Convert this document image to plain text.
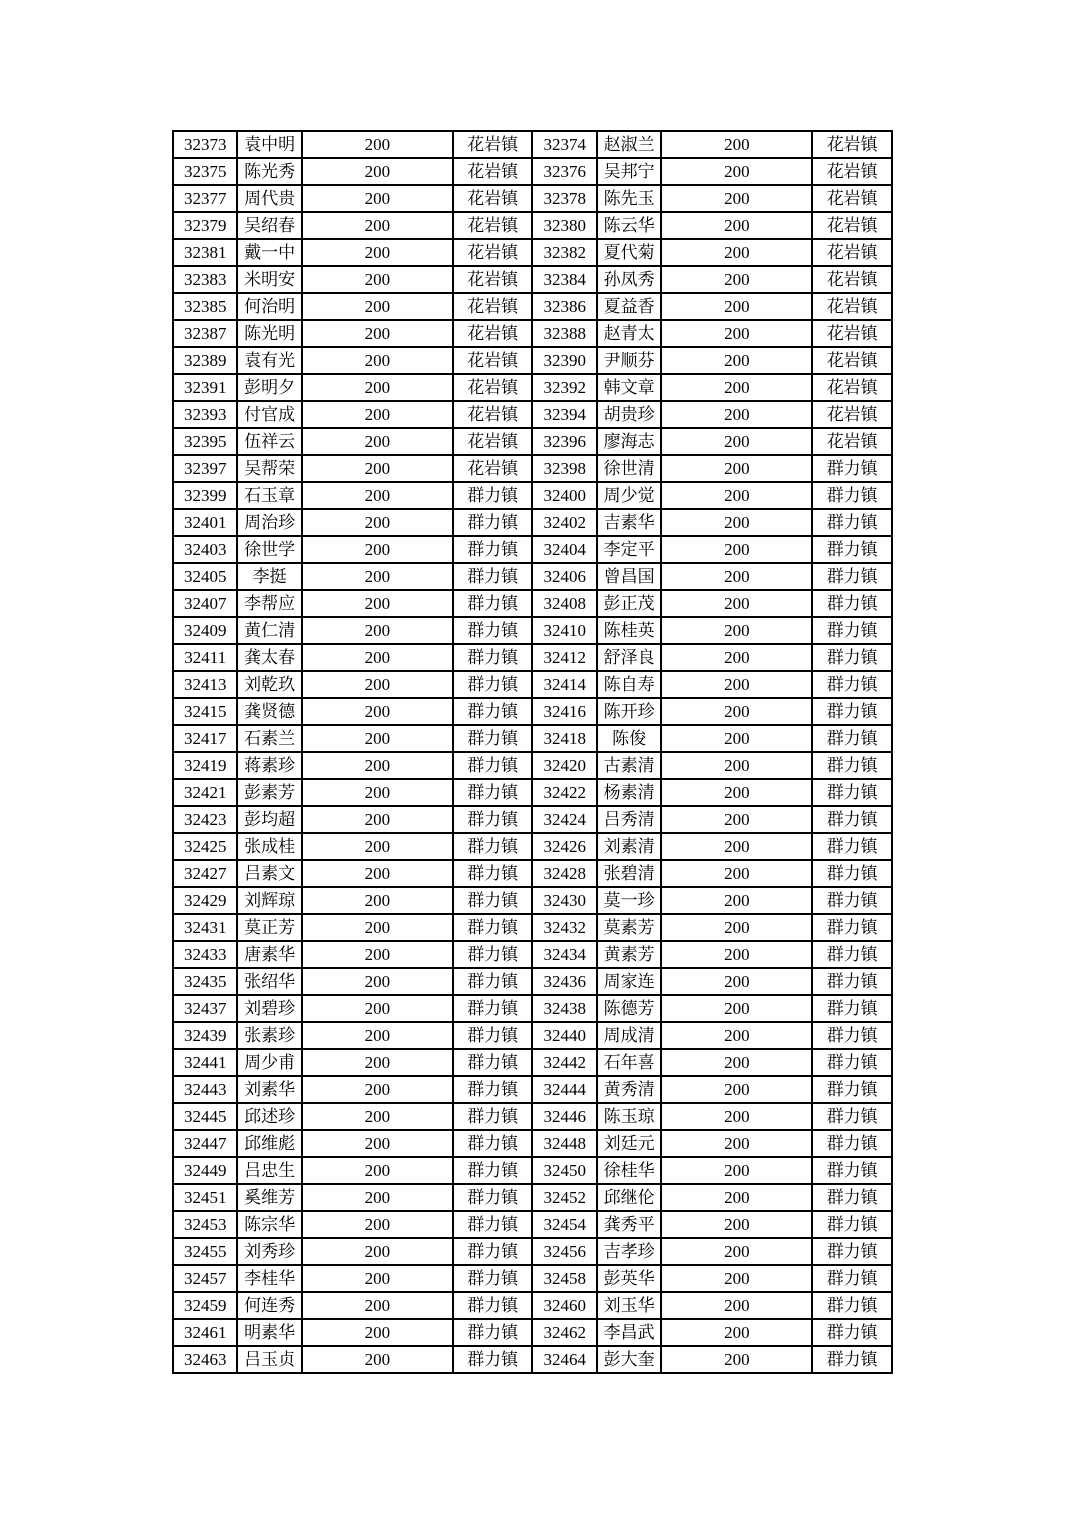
32373	袁中明	200	花岩镇	32374	赵淑兰	200	花岩镇
32375	陈光秀	200	花岩镇	32376	吴邦宁	200	花岩镇
32377	周代贵	200	花岩镇	32378	陈先玉	200	花岩镇
32379	吴绍春	200	花岩镇	32380	陈云华	200	花岩镇
32381	戴一中	200	花岩镇	32382	夏代菊	200	花岩镇
32383	米明安	200	花岩镇	32384	孙凤秀	200	花岩镇
32385	何治明	200	花岩镇	32386	夏益香	200	花岩镇
32387	陈光明	200	花岩镇	32388	赵青太	200	花岩镇
32389	袁有光	200	花岩镇	32390	尹顺芬	200	花岩镇
32391	彭明夕	200	花岩镇	32392	韩文章	200	花岩镇
32393	付官成	200	花岩镇	32394	胡贵珍	200	花岩镇
32395	伍祥云	200	花岩镇	32396	廖海志	200	花岩镇
32397	吴帮荣	200	花岩镇	32398	徐世清	200	群力镇
32399	石玉章	200	群力镇	32400	周少觉	200	群力镇
32401	周治珍	200	群力镇	32402	吉素华	200	群力镇
32403	徐世学	200	群力镇	32404	李定平	200	群力镇
32405	李挺	200	群力镇	32406	曾昌国	200	群力镇
32407	李帮应	200	群力镇	32408	彭正茂	200	群力镇
32409	黄仁清	200	群力镇	32410	陈桂英	200	群力镇
32411	龚太春	200	群力镇	32412	舒泽良	200	群力镇
32413	刘乾玖	200	群力镇	32414	陈自寿	200	群力镇
32415	龚贤德	200	群力镇	32416	陈开珍	200	群力镇
32417	石素兰	200	群力镇	32418	陈俊	200	群力镇
32419	蒋素珍	200	群力镇	32420	古素清	200	群力镇
32421	彭素芳	200	群力镇	32422	杨素清	200	群力镇
32423	彭均超	200	群力镇	32424	吕秀清	200	群力镇
32425	张成桂	200	群力镇	32426	刘素清	200	群力镇
32427	吕素文	200	群力镇	32428	张碧清	200	群力镇
32429	刘辉琼	200	群力镇	32430	莫一珍	200	群力镇
32431	莫正芳	200	群力镇	32432	莫素芳	200	群力镇
32433	唐素华	200	群力镇	32434	黄素芳	200	群力镇
32435	张绍华	200	群力镇	32436	周家连	200	群力镇
32437	刘碧珍	200	群力镇	32438	陈德芳	200	群力镇
32439	张素珍	200	群力镇	32440	周成清	200	群力镇
32441	周少甫	200	群力镇	32442	石年喜	200	群力镇
32443	刘素华	200	群力镇	32444	黄秀清	200	群力镇
32445	邱述珍	200	群力镇	32446	陈玉琼	200	群力镇
32447	邱维彪	200	群力镇	32448	刘廷元	200	群力镇
32449	吕忠生	200	群力镇	32450	徐桂华	200	群力镇
32451	奚维芳	200	群力镇	32452	邱继伦	200	群力镇
32453	陈宗华	200	群力镇	32454	龚秀平	200	群力镇
32455	刘秀珍	200	群力镇	32456	吉孝珍	200	群力镇
32457	李桂华	200	群力镇	32458	彭英华	200	群力镇
32459	何连秀	200	群力镇	32460	刘玉华	200	群力镇
32461	明素华	200	群力镇	32462	李昌武	200	群力镇
32463	吕玉贞	200	群力镇	32464	彭大奎	200	群力镇
